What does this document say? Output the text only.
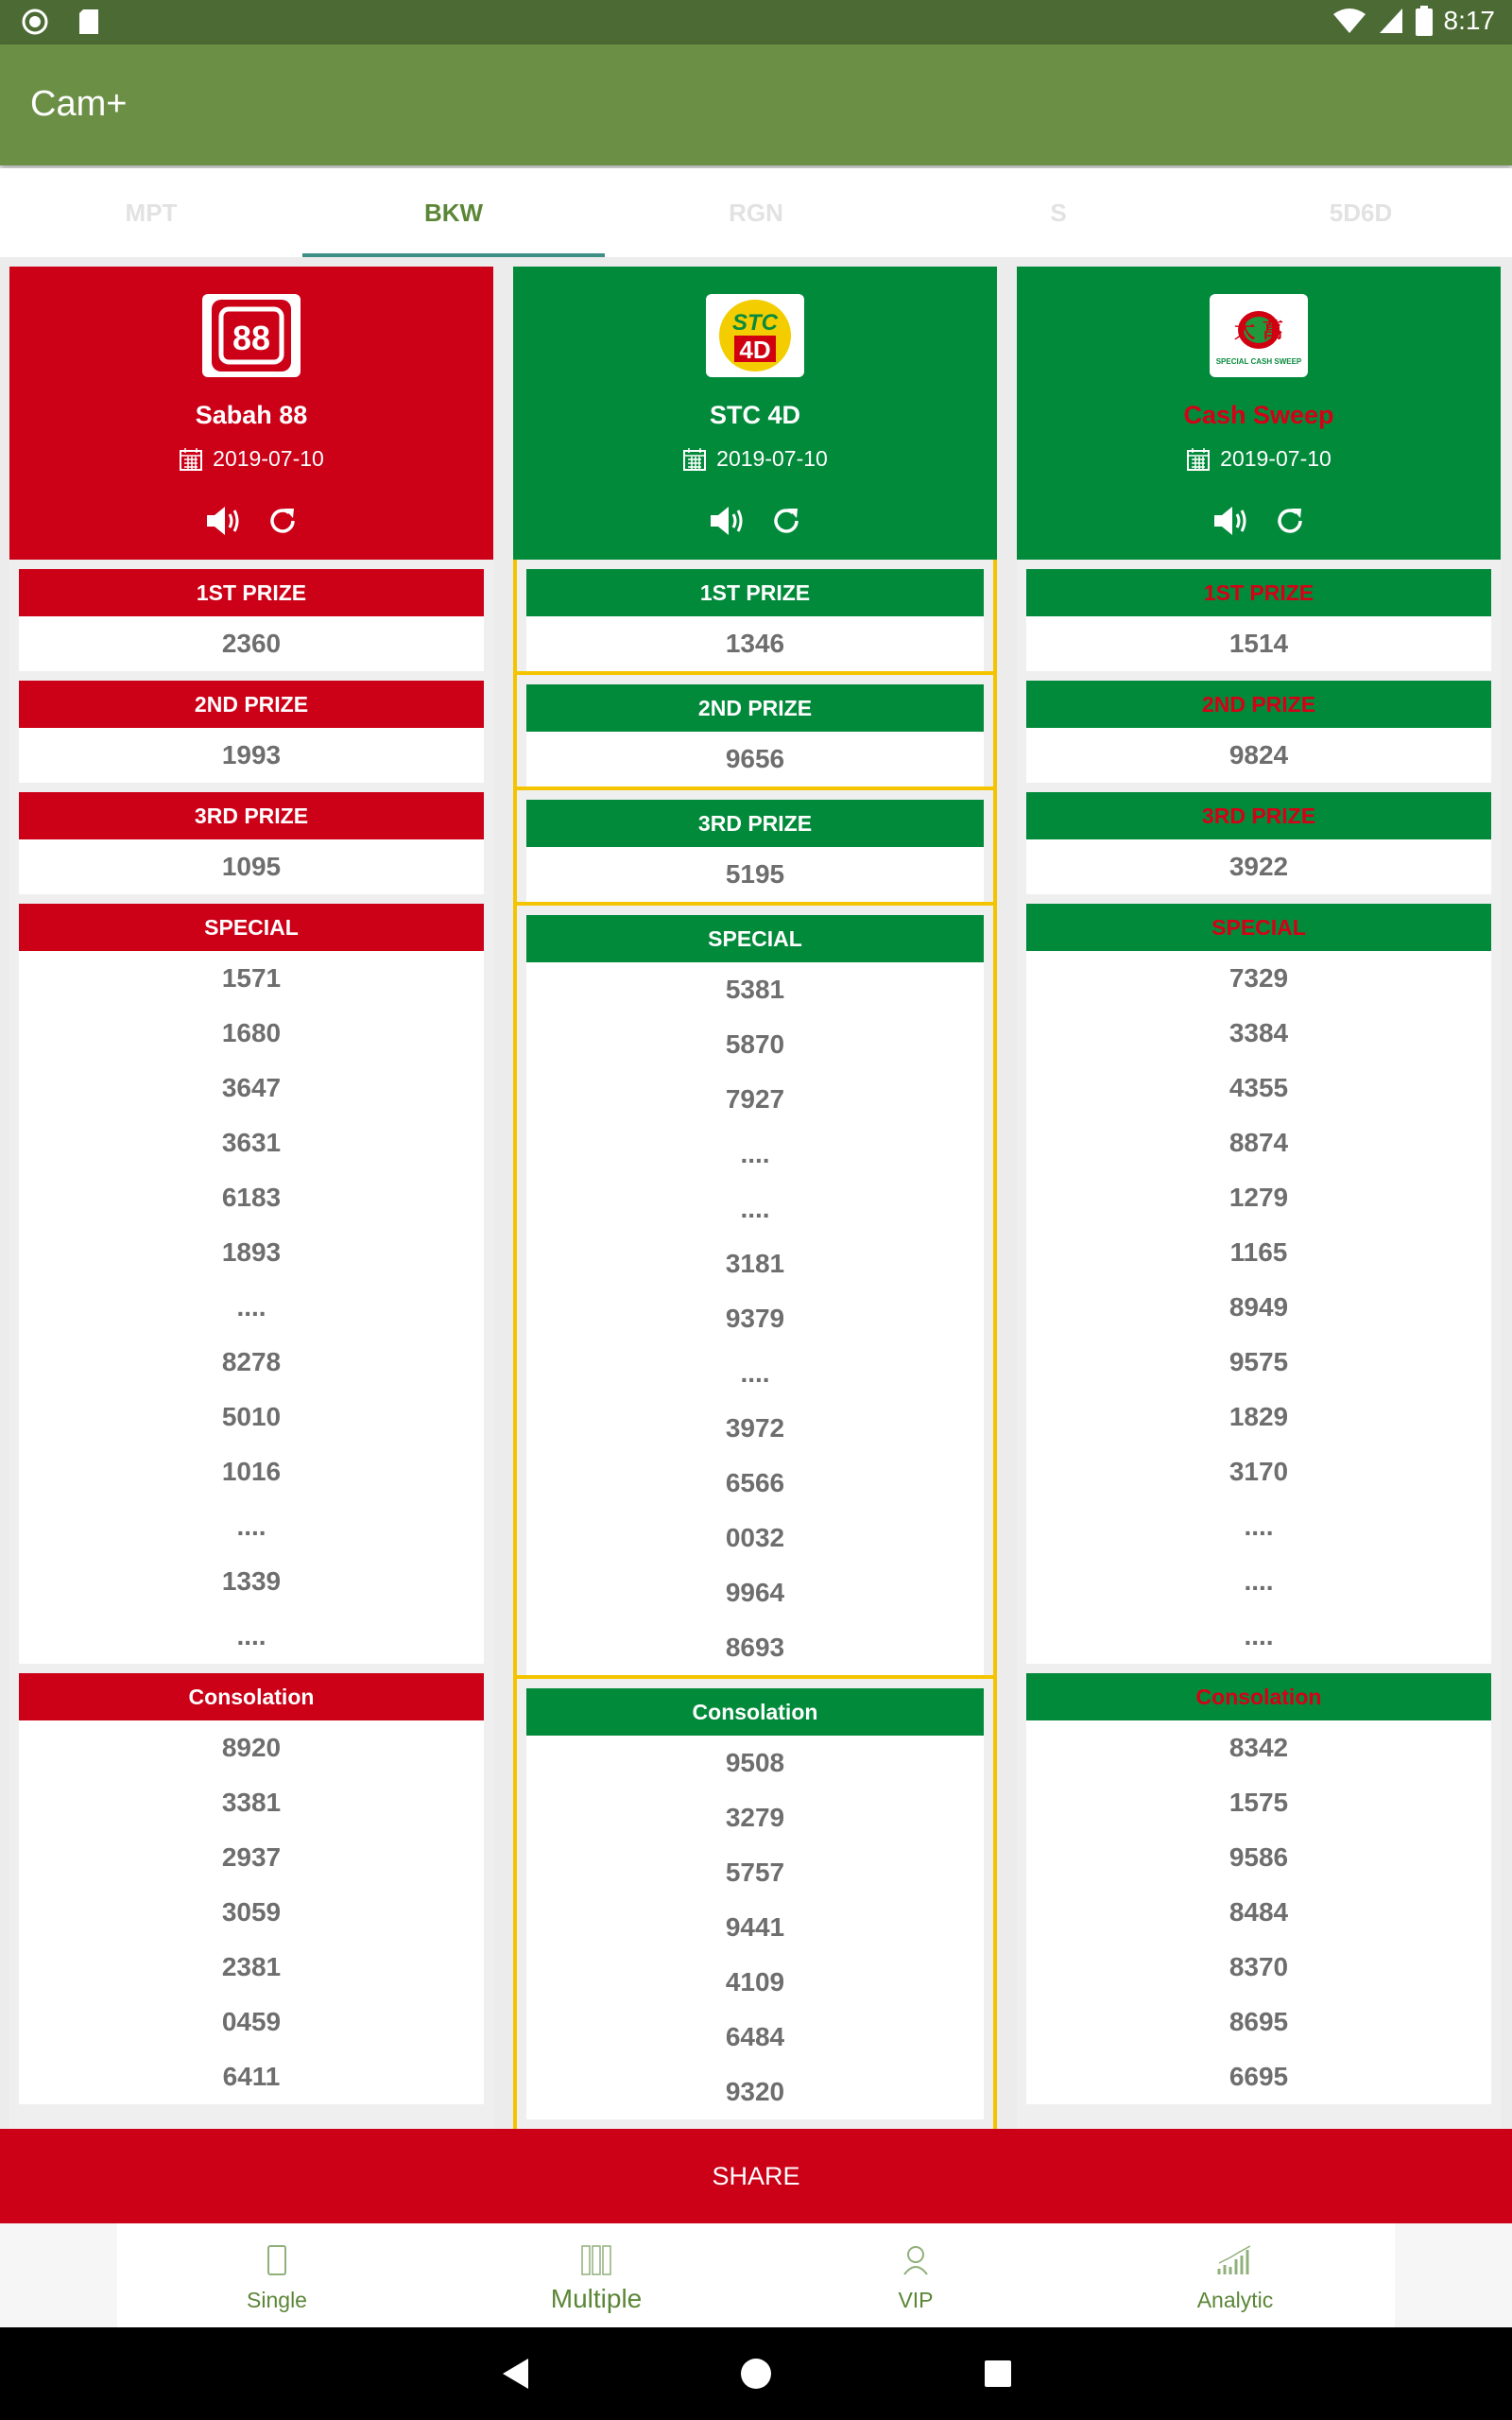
8:17
Cam+
MPT	BKW	RGN	S	5D6D
88
Sabah 88
2019-07-10
1ST PRIZE
2360
2ND PRIZE
1993
3RD PRIZE
1095
SPECIAL
1571
1680
3647
3631
6183
1893
....
8278
5010
1016
....
1339
....
Consolation
8920
3381
2937
3059
2381
0459
6411
STC
4D
STC 4D
2019-07-10
1ST PRIZE
1346
2ND PRIZE
9656
3RD PRIZE
5195
SPECIAL
5381
5870
7927
....
....
3181
9379
....
3972
6566
0032
9964
8693
Consolation
9508
3279
5757
9441
4109
6484
9320
大 萬
SPECIAL CASH SWEEP
Cash Sweep
2019-07-10
1ST PRIZE
1514
2ND PRIZE
9824
3RD PRIZE
3922
SPECIAL
7329
3384
4355
8874
1279
1165
8949
9575
1829
3170
....
....
....
Consolation
8342
1575
9586
8484
8370
8695
6695
SHARE
Single	Multiple	VIP	Analytic
